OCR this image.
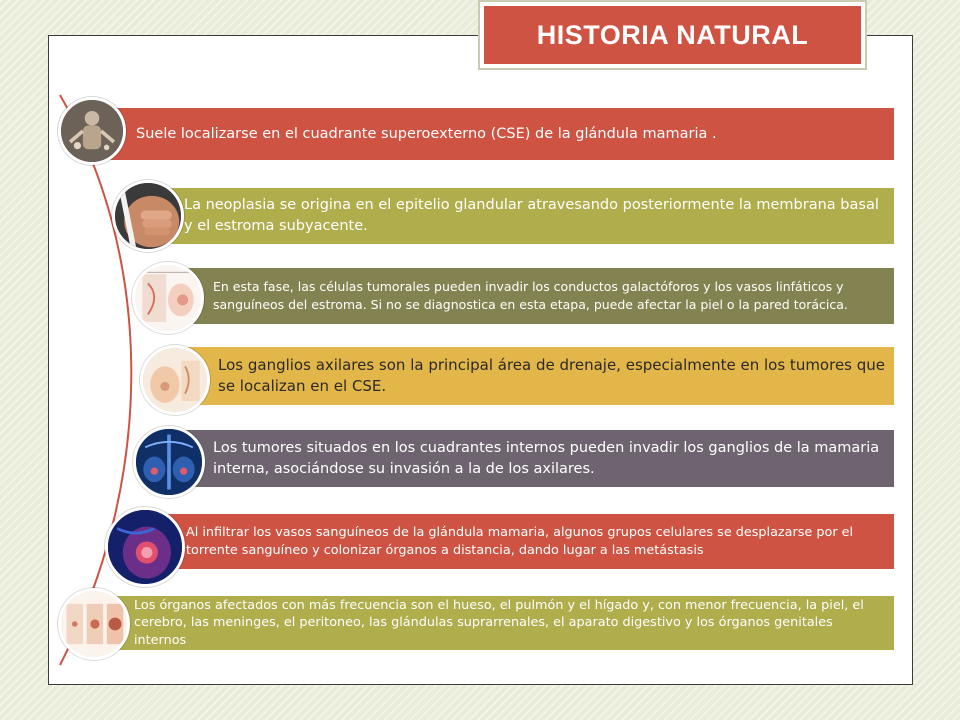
HISTORIA NATURAL
Suele localizarse en el cuadrante superoexterno (CSE) de la glándula mamaria .
La neoplasia se origina en el epitelio glandular atravesando posteriormente la membrana basal y el estroma subyacente.
En esta fase, las células tumorales pueden invadir los conductos galactóforos y los vasos linfáticos y sanguíneos del estroma. Si no se diagnostica en esta etapa, puede afectar la piel o la pared torácica.
Los ganglios axilares son la principal área de drenaje, especialmente en los tumores que se localizan en el CSE.
Los tumores situados en los cuadrantes internos pueden invadir los ganglios de la mamaria interna, asociándose su invasión a la de los axilares.
Al infiltrar los vasos sanguíneos de la glándula mamaria, algunos grupos celulares se desplazarse por el torrente sanguíneo y colonizar órganos a distancia, dando lugar a las metástasis
Los órganos afectados con más frecuencia son el hueso, el pulmón y el hígado y, con menor frecuencia, la piel, el cerebro, las meninges, el peritoneo, las glándulas suprarrenales, el aparato digestivo y los órganos genitales internos
